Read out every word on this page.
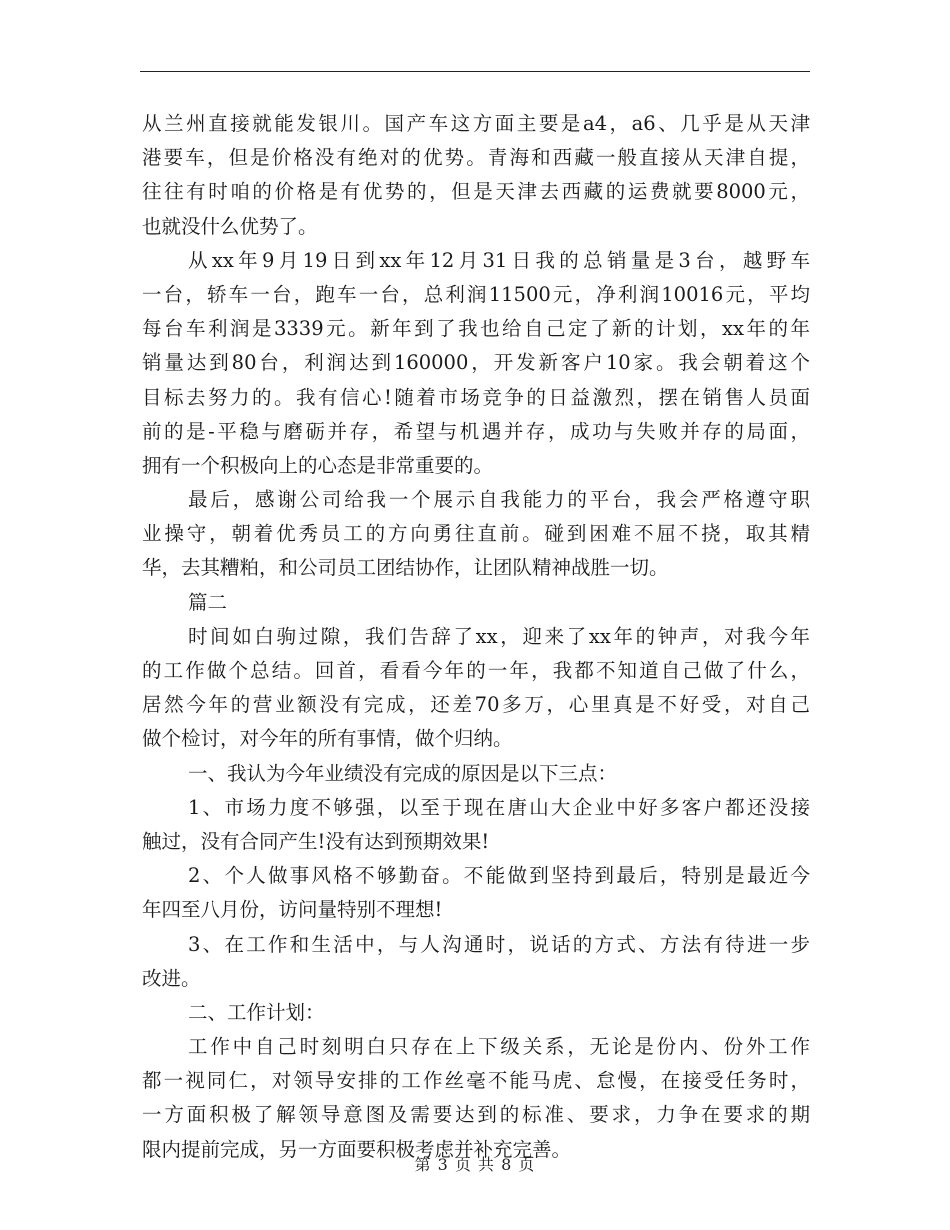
从兰州直接就能发银川。国产车这方面主要是a4，a6、几乎是从天津
港要车，但是价格没有绝对的优势。青海和西藏一般直接从天津自提，
往往有时咱的价格是有优势的，但是天津去西藏的运费就要8000元，
也就没什么优势了。
从xx年9月19日到xx年12月31日我的总销量是3台，越野车
一台，轿车一台，跑车一台，总利润11500元，净利润10016元，平均
每台车利润是3339元。新年到了我也给自己定了新的计划，xx年的年
销量达到80台，利润达到160000，开发新客户10家。我会朝着这个
目标去努力的。我有信心!随着市场竞争的日益激烈，摆在销售人员面
前的是-平稳与磨砺并存，希望与机遇并存，成功与失败并存的局面，
拥有一个积极向上的心态是非常重要的。
最后，感谢公司给我一个展示自我能力的平台，我会严格遵守职
业操守，朝着优秀员工的方向勇往直前。碰到困难不屈不挠，取其精
华，去其糟粕，和公司员工团结协作，让团队精神战胜一切。
篇二
时间如白驹过隙，我们告辞了xx，迎来了xx年的钟声，对我今年
的工作做个总结。回首，看看今年的一年，我都不知道自己做了什么，
居然今年的营业额没有完成，还差70多万，心里真是不好受，对自己
做个检讨，对今年的所有事情，做个归纳。
一、我认为今年业绩没有完成的原因是以下三点：
1、市场力度不够强，以至于现在唐山大企业中好多客户都还没接
触过，没有合同产生!没有达到预期效果!
2、个人做事风格不够勤奋。不能做到坚持到最后，特别是最近今
年四至八月份，访问量特别不理想!
3、在工作和生活中，与人沟通时，说话的方式、方法有待进一步
改进。
二、工作计划：
工作中自己时刻明白只存在上下级关系，无论是份内、份外工作
都一视同仁，对领导安排的工作丝毫不能马虎、怠慢，在接受任务时，
一方面积极了解领导意图及需要达到的标准、要求，力争在要求的期
限内提前完成，另一方面要积极考虑并补充完善。
第 3 页 共 8 页
